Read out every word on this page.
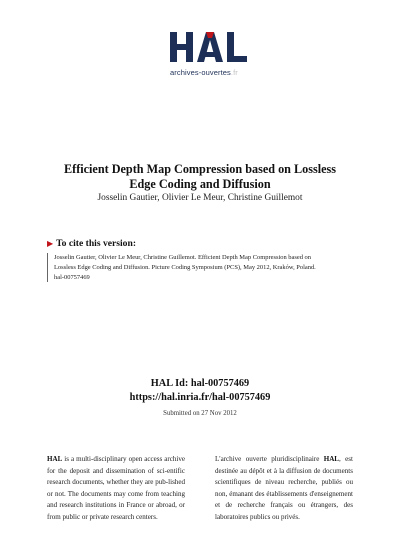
archives-ouvertes.fr
Efficient Depth Map Compression based on Lossless
Edge Coding and Diffusion
Josselin Gautier, Olivier Le Meur, Christine Guillemot
▶ To cite this version:
Josselin Gautier, Olivier Le Meur, Christine Guillemot. Efficient Depth Map Compression based on
Lossless Edge Coding and Diffusion. Picture Coding Symposium (PCS), May 2012, Kraków, Poland.
hal-00757469
HAL Id: hal-00757469
https://hal.inria.fr/hal-00757469
Submitted on 27 Nov 2012
HAL is a multi-disciplinary open access archive for the deposit and dissemination of sci-entific research documents, whether they are pub-lished or not. The documents may come from teaching and research institutions in France or abroad, or from public or private research centers.
L'archive ouverte pluridisciplinaire HAL, est destinée au dépôt et à la diffusion de documents scientifiques de niveau recherche, publiés ou non, émanant des établissements d'enseignement et de recherche français ou étrangers, des laboratoires publics ou privés.
